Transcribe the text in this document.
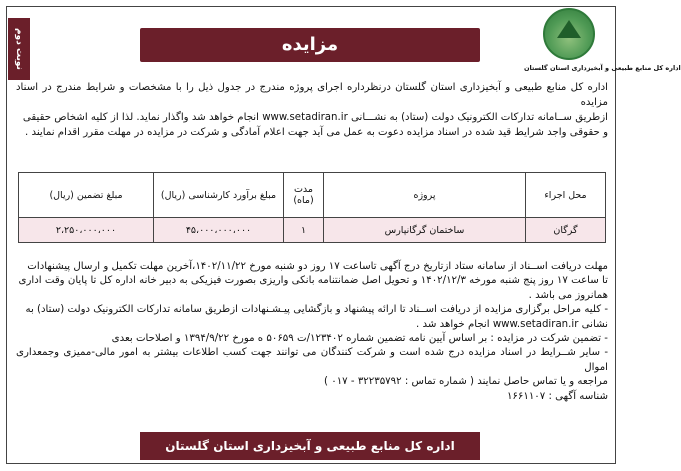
اداره کل منابع طبیعی و آبخیزداری استان گلستان
نوبت دوم	مزایده
اداره کل منابع طبیعی و آبخیزداری استان گلستان درنظرداره اجرای پروژه مندرج در جدول ذیل را با مشخصات و شرایط مندرج در اسناد مزایده
ازطریق ســامانه تدارکات الکترونیک دولت (ستاد) به نشـــانی www.setadiran.ir انجام خواهد شد واگذار نماید. لذا از کلیه اشخاص حقیقی
و حقوقی واجد شرایط قید شده در اسناد مزایده دعوت به عمل می آید جهت اعلام آمادگی و شرکت در مزایده در مهلت مقرر اقدام نمایند .
محل اجراء	پروژه	مدت (ماه)	مبلغ برآورد کارشناسی (ریال)	مبلغ تضمین (ریال)
گرگان	ساختمان گرگانپارس	۱	۴۵،۰۰۰،۰۰۰،۰۰۰	۲،۲۵۰،۰۰۰،۰۰۰
مهلت دریافت اســناد از سامانه ستاد ازتاریخ درج آگهی تاساعت ۱۷ روز دو شنبه مورخ ۱۴۰۲/۱۱/۲۲،آخرین مهلت تکمیل و ارسال پیشنهادات
تا ساعت ۱۷ روز پنج شنبه مورخه ۱۴۰۲/۱۲/۳ و تحویل اصل ضمانتنامه بانکی واریزی بصورت فیزیکی به دبیر خانه اداره کل تا پایان وقت اداری
همانروز می باشد .
- کلیه مراحل برگزاری مزایده از دریافت اســناد تا ارائه پیشنهاد و بازگشایی پیـشـنهادات ازطریق سامانه تدارکات الکترونیک دولت (ستاد) به
نشانی www.setadiran.ir انجام خواهد شد .
- تضمین شرکت در مزایده : بر اساس آیین نامه تضمین شماره ۱۲۳۴۰۲/ت ۵۰۶۵۹ ه مورخ ۱۳۹۴/۹/۲۲ و اصلاحات بعدی
- سایر شــرایط در اسناد مزایده درج شده است و شرکت کنندگان می توانند جهت کسب اطلاعات بیشتر به امور مالی-ممیزی وجمعداری اموال
مراجعه و یا تماس حاصل نمایند ( شماره تماس : ۳۲۲۳۵۷۹۲ - ۰۱۷ )
شناسه آگهی : ۱۶۶۱۱۰۷
اداره کل منابع طبیعی و آبخیزداری استان گلستان
